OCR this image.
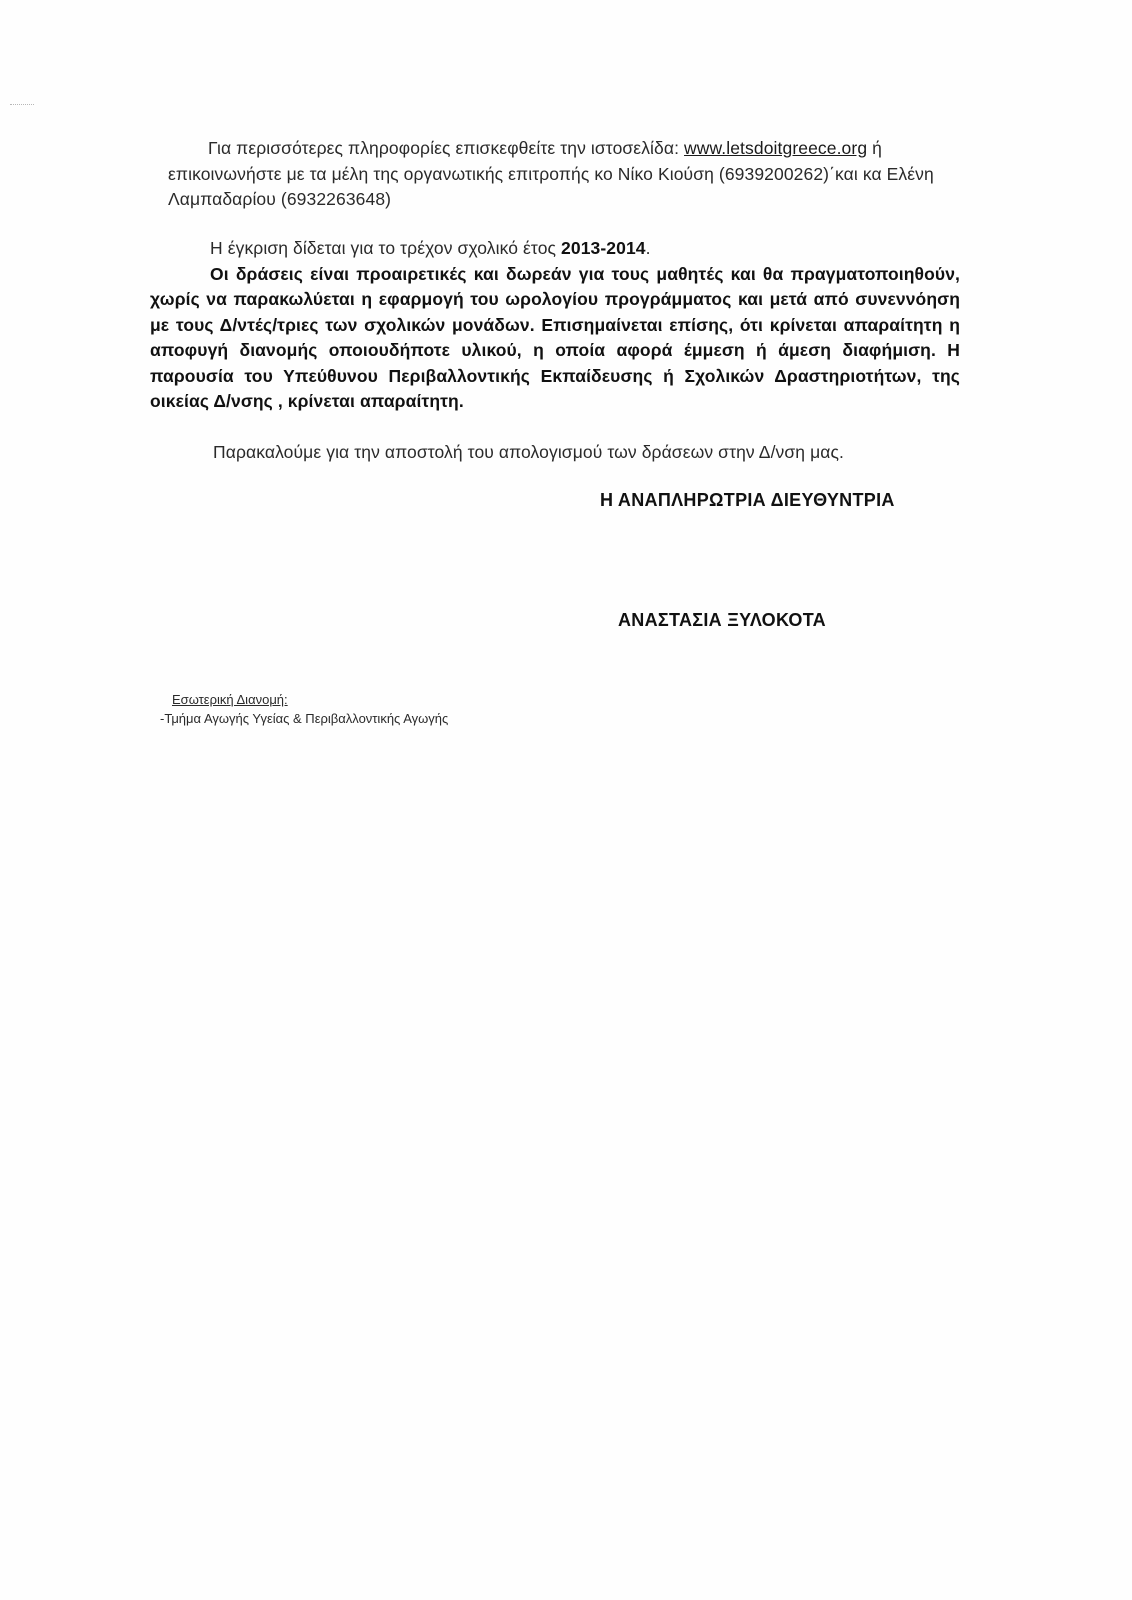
Για περισσότερες πληροφορίες επισκεφθείτε την ιστοσελίδα: www.letsdoitgreece.org ή επικοινωνήστε με τα μέλη της οργανωτικής επιτροπής κο Νίκο Κιούση (6939200262)΄και κα Ελένη Λαμπαδαρίου (6932263648)
Η έγκριση δίδεται για το τρέχον σχολικό έτος 2013-2014.
Οι δράσεις είναι προαιρετικές και δωρεάν για τους μαθητές και θα πραγματοποιηθούν, χωρίς να παρακωλύεται η εφαρμογή του ωρολογίου προγράμματος και μετά από συνεννόηση με τους Δ/ντές/τριες των σχολικών μονάδων. Επισημαίνεται επίσης, ότι κρίνεται απαραίτητη η αποφυγή διανομής οποιουδήποτε υλικού, η οποία αφορά έμμεση ή άμεση διαφήμιση. Η παρουσία του Υπεύθυνου Περιβαλλοντικής Εκπαίδευσης ή Σχολικών Δραστηριοτήτων, της οικείας Δ/νσης , κρίνεται απαραίτητη.
Παρακαλούμε για την αποστολή του απολογισμού των δράσεων στην Δ/νση μας.
Η ΑΝΑΠΛΗΡΩΤΡΙΑ ΔΙΕΥΘΥΝΤΡΙΑ
ΑΝΑΣΤΑΣΙΑ ΞΥΛΟΚΟΤΑ
Εσωτερική Διανομή:
-Τμήμα Αγωγής Υγείας & Περιβαλλοντικής Αγωγής
